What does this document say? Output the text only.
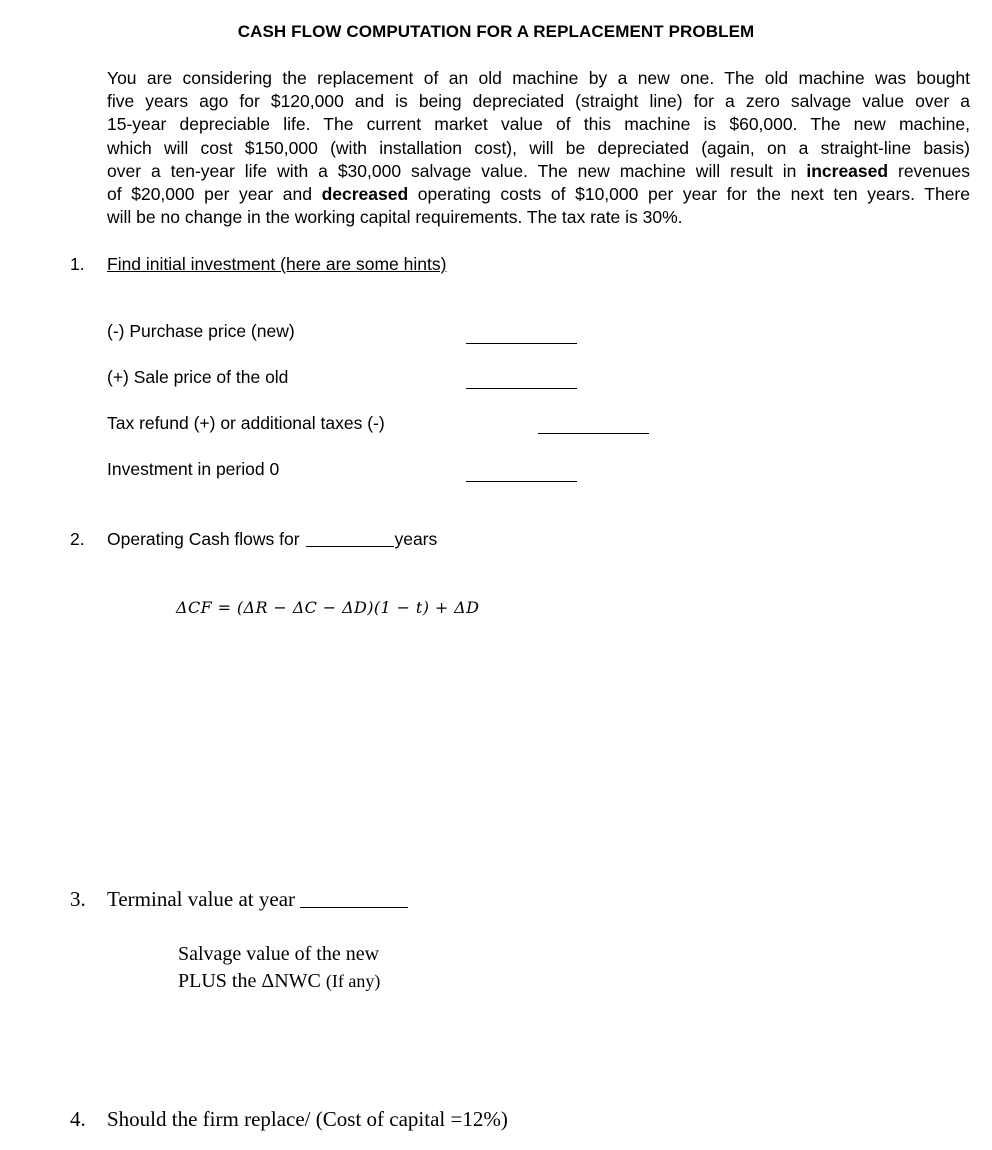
CASH FLOW COMPUTATION FOR A REPLACEMENT PROBLEM
You are considering the replacement of an old machine by a new one. The old machine was bought
five years ago for $120,000 and is being depreciated (straight line) for a zero salvage value over a
15-year depreciable life. The current market value of this machine is $60,000. The new machine,
which will cost $150,000 (with installation cost), will be depreciated (again, on a straight-line basis)
over a ten-year life with a $30,000 salvage value. The new machine will result in increased revenues
of $20,000 per year and decreased operating costs of $10,000 per year for the next ten years. There
will be no change in the working capital requirements. The tax rate is 30%.
1. Find initial investment (here are some hints)
(-) Purchase price (new)
(+) Sale price of the old
Tax refund (+) or additional taxes (-)
Investment in period 0
2. Operating Cash flows for	years
ΔCF = (ΔR − ΔC − ΔD)(1 − t) + ΔD
3. Terminal value at year
Salvage value of the new
PLUS the ΔNWC (If any)
4. Should the firm replace/ (Cost of capital =12%)
